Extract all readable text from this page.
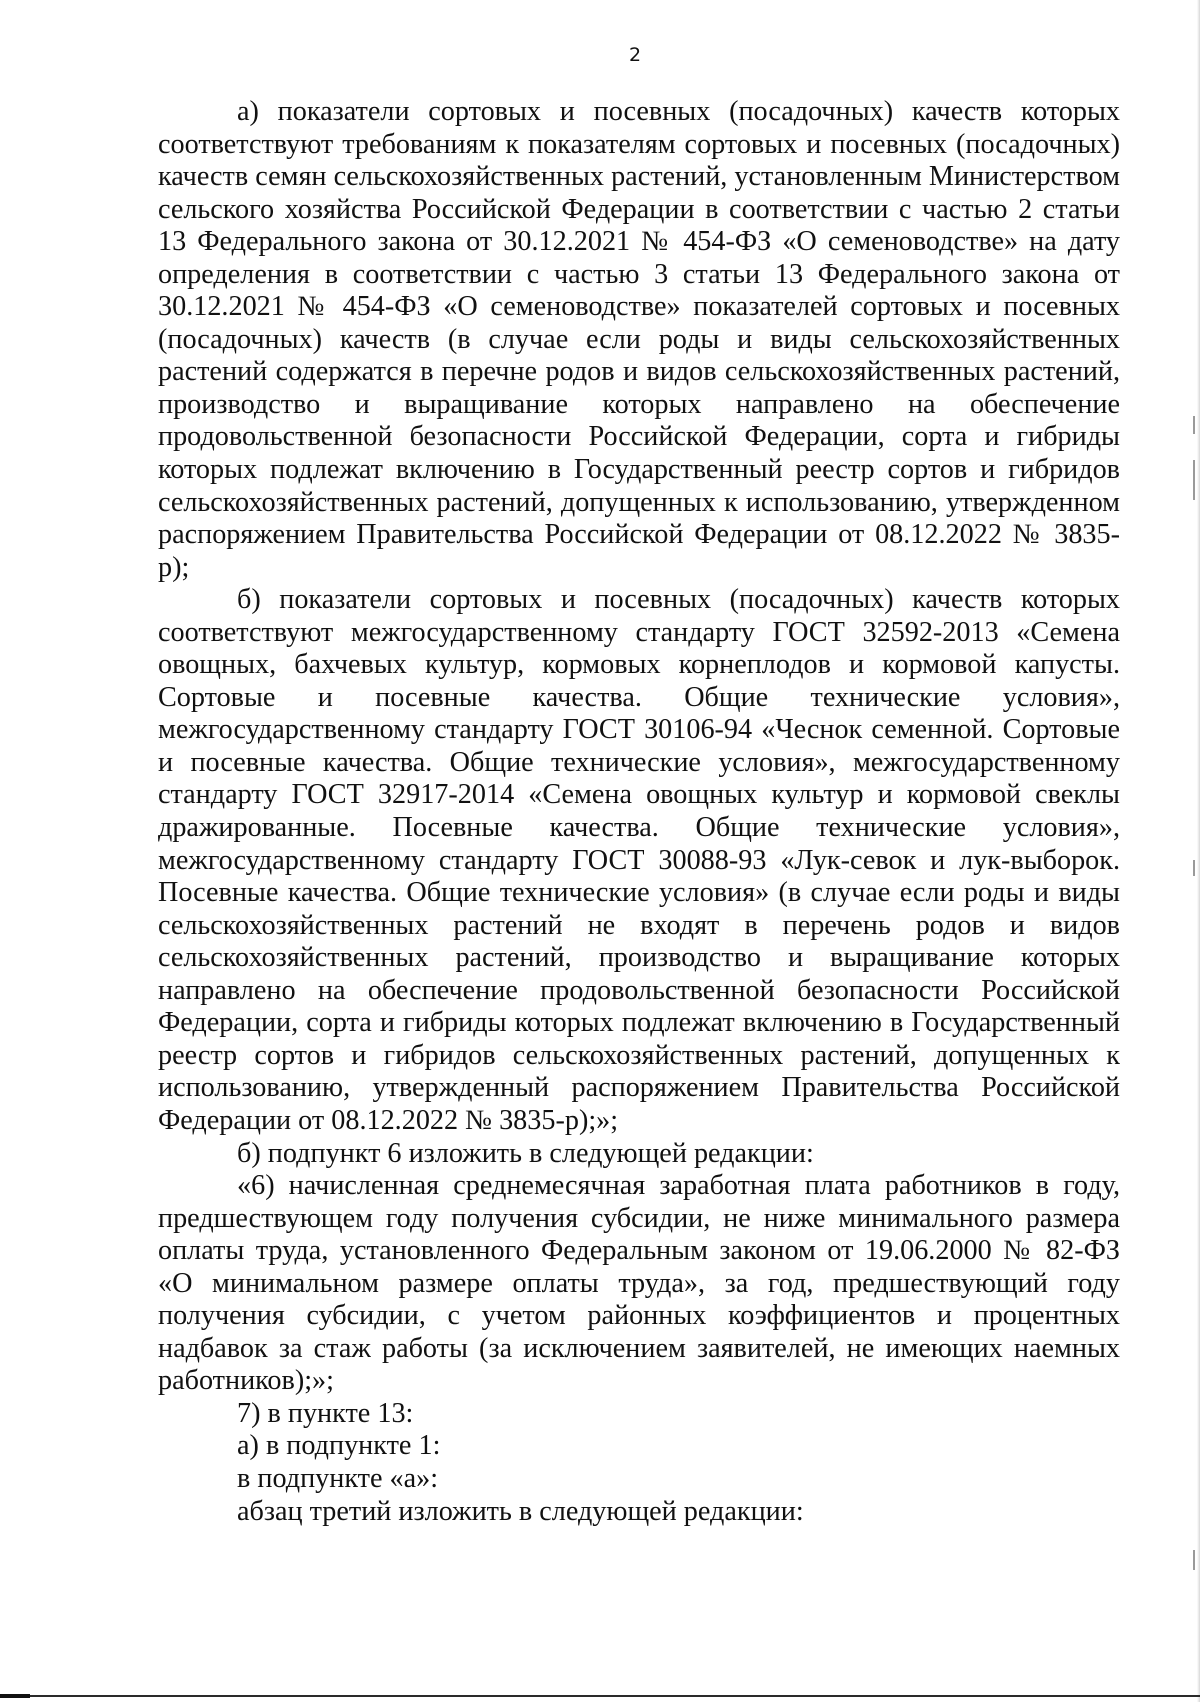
2

а) показатели сортовых и посевных (посадочных) качеств которых соответствуют требованиям к показателям сортовых и посевных (посадочных) качеств семян сельскохозяйственных растений, установленным Министерством сельского хозяйства Российской Федерации в соответствии с частью 2 статьи 13 Федерального закона от 30.12.2021 № 454-ФЗ «О семеноводстве» на дату определения в соответствии с частью 3 статьи 13 Федерального закона от 30.12.2021 № 454-ФЗ «О семеноводстве» показателей сортовых и посевных (посадочных) качеств (в случае если роды и виды сельскохозяйственных растений содержатся в перечне родов и видов сельскохозяйственных растений, производство и выращивание которых направлено на обеспечение продовольственной безопасности Российской Федерации, сорта и гибриды которых подлежат включению в Государственный реестр сортов и гибридов сельскохозяйственных растений, допущенных к использованию, утвержденном распоряжением Правительства Российской Федерации от 08.12.2022 № 3835-р);

б) показатели сортовых и посевных (посадочных) качеств которых соответствуют межгосударственному стандарту ГОСТ 32592-2013 «Семена овощных, бахчевых культур, кормовых корнеплодов и кормовой капусты. Сортовые и посевные качества. Общие технические условия», межгосударственному стандарту ГОСТ 30106-94 «Чеснок семенной. Сортовые и посевные качества. Общие технические условия», межгосударственному стандарту ГОСТ 32917-2014 «Семена овощных культур и кормовой свеклы дражированные. Посевные качества. Общие технические условия», межгосударственному стандарту ГОСТ 30088-93 «Лук-севок и лук-выборок. Посевные качества. Общие технические условия» (в случае если роды и виды сельскохозяйственных растений не входят в перечень родов и видов сельскохозяйственных растений, производство и выращивание которых направлено на обеспечение продовольственной безопасности Российской Федерации, сорта и гибриды которых подлежат включению в Государственный реестр сортов и гибридов сельскохозяйственных растений, допущенных к использованию, утвержденный распоряжением Правительства Российской Федерации от 08.12.2022 № 3835-р);»;

б) подпункт 6 изложить в следующей редакции:

«6) начисленная среднемесячная заработная плата работников в году, предшествующем году получения субсидии, не ниже минимального размера оплаты труда, установленного Федеральным законом от 19.06.2000 № 82-ФЗ «О минимальном размере оплаты труда», за год, предшествующий году получения субсидии, с учетом районных коэффициентов и процентных надбавок за стаж работы (за исключением заявителей, не имеющих наемных работников);»;

7) в пункте 13:

а) в подпункте 1:

в подпункте «а»:

абзац третий изложить в следующей редакции:
